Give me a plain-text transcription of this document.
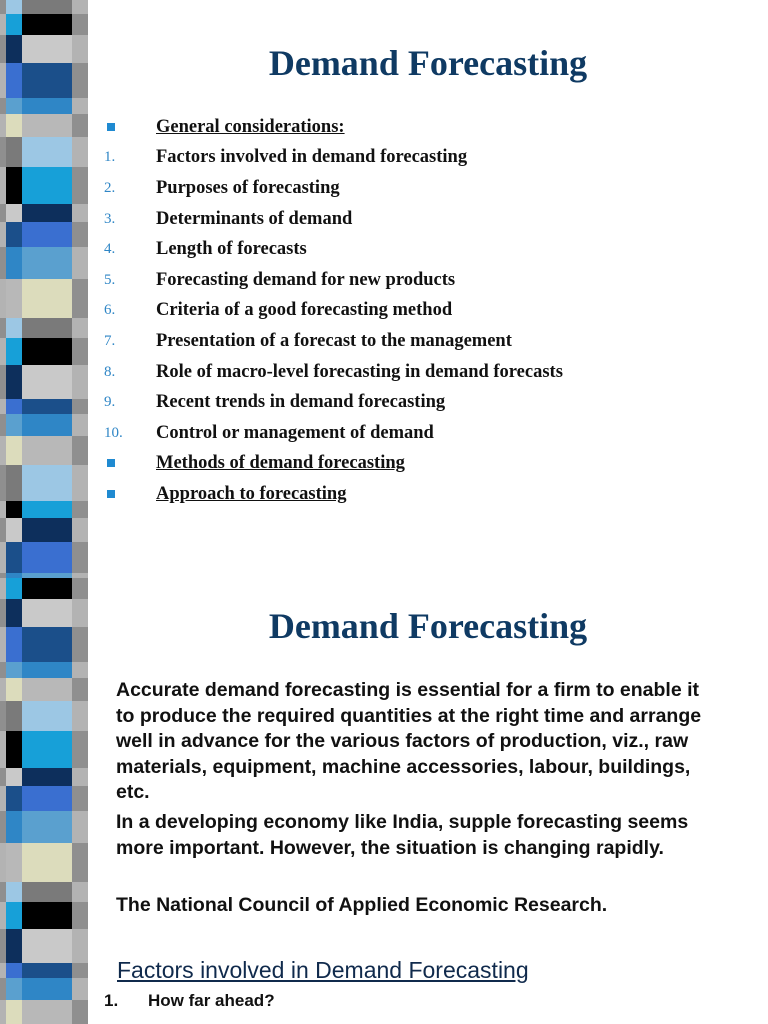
Demand Forecasting
General considerations:
1.	Factors involved in demand forecasting
2.	Purposes of forecasting
3.	Determinants of demand
4.	Length of forecasts
5.	Forecasting demand for new products
6.	Criteria of a good forecasting method
7.	Presentation of a forecast to the management
8.	Role of macro-level forecasting in demand forecasts
9.	Recent trends in demand forecasting
10.	Control or management of demand
Methods of demand forecasting
Approach to forecasting
Demand Forecasting

Accurate demand forecasting is essential for a firm to enable it to produce the required quantities at the right time and arrange well in advance for the various factors of production, viz., raw materials, equipment, machine accessories, labour, buildings, etc.

In a developing economy like India, supple forecasting seems more important. However, the situation is changing rapidly.

The National Council of Applied Economic Research.

Factors involved in Demand Forecasting
1. How far ahead?
